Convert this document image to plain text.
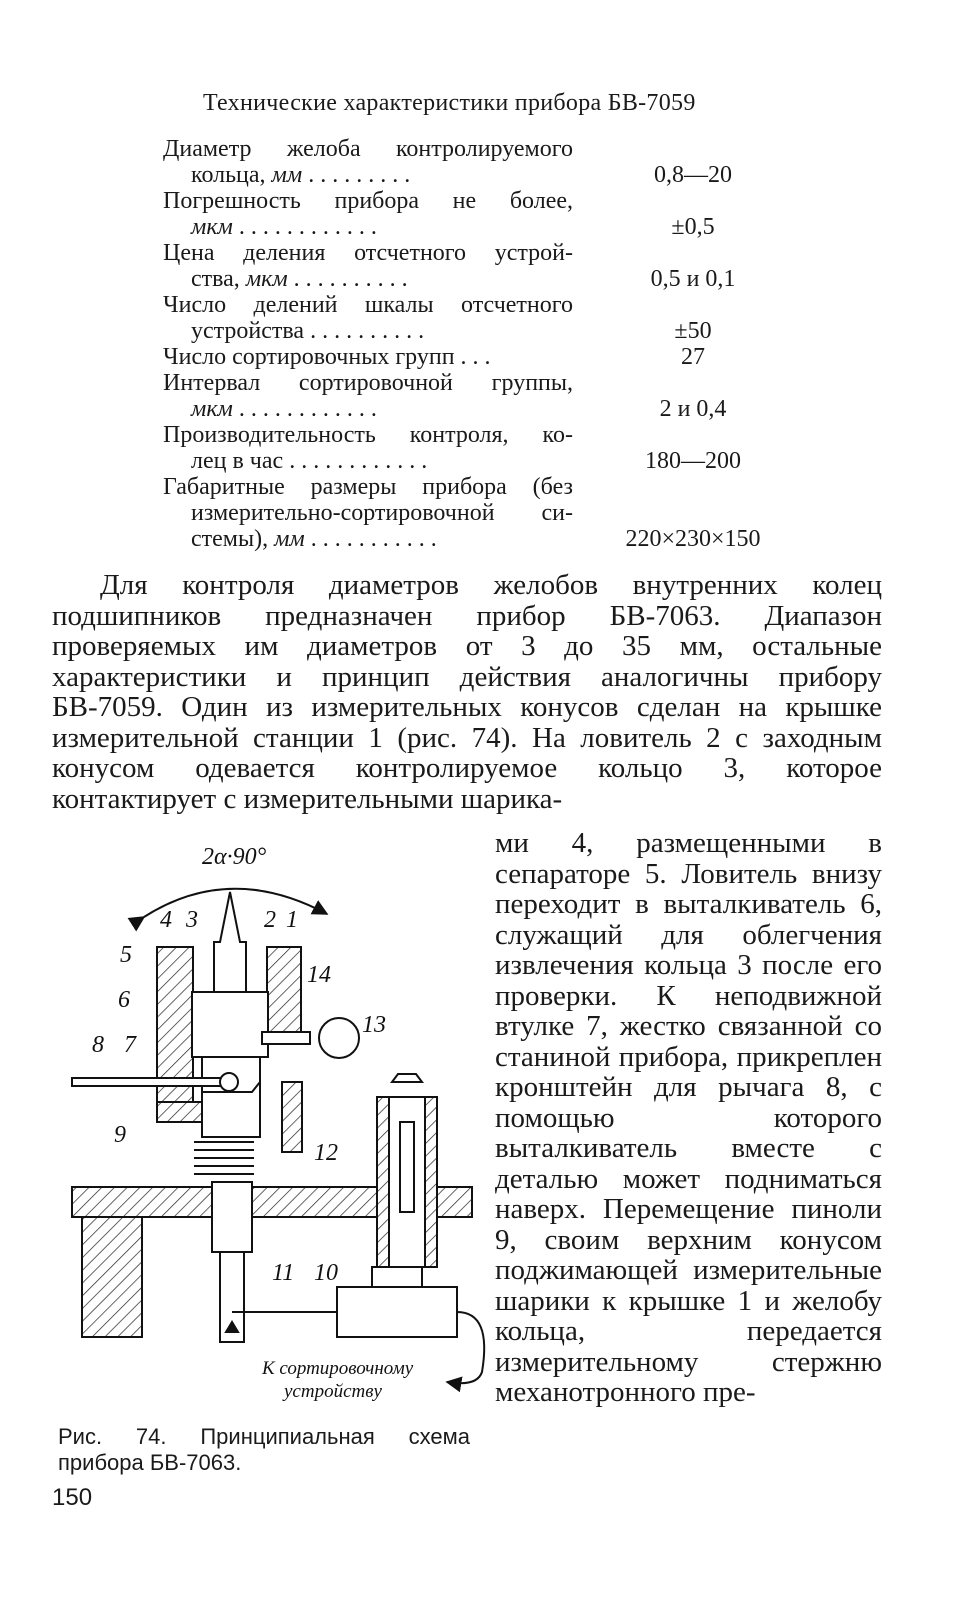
Технические характеристики прибора БВ-7059
Диаметр желоба контролируемого
кольца, мм . . . . . . . . .	0,8—20
Погрешность прибора не более,
мкм . . . . . . . . . . . .	±0,5
Цена деления отсчетного устрой-
ства, мкм . . . . . . . . . .	0,5 и 0,1
Число делений шкалы отсчетного
устройства . . . . . . . . . .	±50
Число сортировочных групп . . .	27
Интервал сортировочной группы,
мкм . . . . . . . . . . . .	2 и 0,4
Производительность контроля, ко-
лец в час . . . . . . . . . . . .	180—200
Габаритные размеры прибора (без
измерительно-сортировочной си-
стемы), мм . . . . . . . . . . .	220×230×150
Для контроля диаметров желобов внутренних колец подшипников предназначен прибор БВ-7063. Диапазон проверяемых им диаметров от 3 до 35 мм, остальные характеристики и принцип действия аналогичны прибору БВ-7059. Один из измерительных конусов сделан на крышке измерительной станции 1 (рис. 74). На ловитель 2 с заходным конусом одевается контролируемое кольцо 3, которое контактирует с измерительными шарика-
ми 4, размещенными в сепараторе 5. Ловитель внизу переходит в выталкиватель 6, служащий для облегчения извлечения кольца 3 после его проверки. К неподвижной втулке 7, жестко связанной со станиной прибора, прикреплен кронштейн для рычага 8, с помощью которого выталкиватель вместе с деталью может подниматься наверх. Перемещение пиноли 9, своим верхним конусом поджимающей измерительные шарики к крышке 1 и желобу кольца, передается измерительному стержню механотронного пре-
2α·90°
4 3	2 1
5
14
6
13
8 7
9
12
11 10
К сортировочному
устройству
Рис. 74. Принципиальная схема
прибора БВ-7063.
150
